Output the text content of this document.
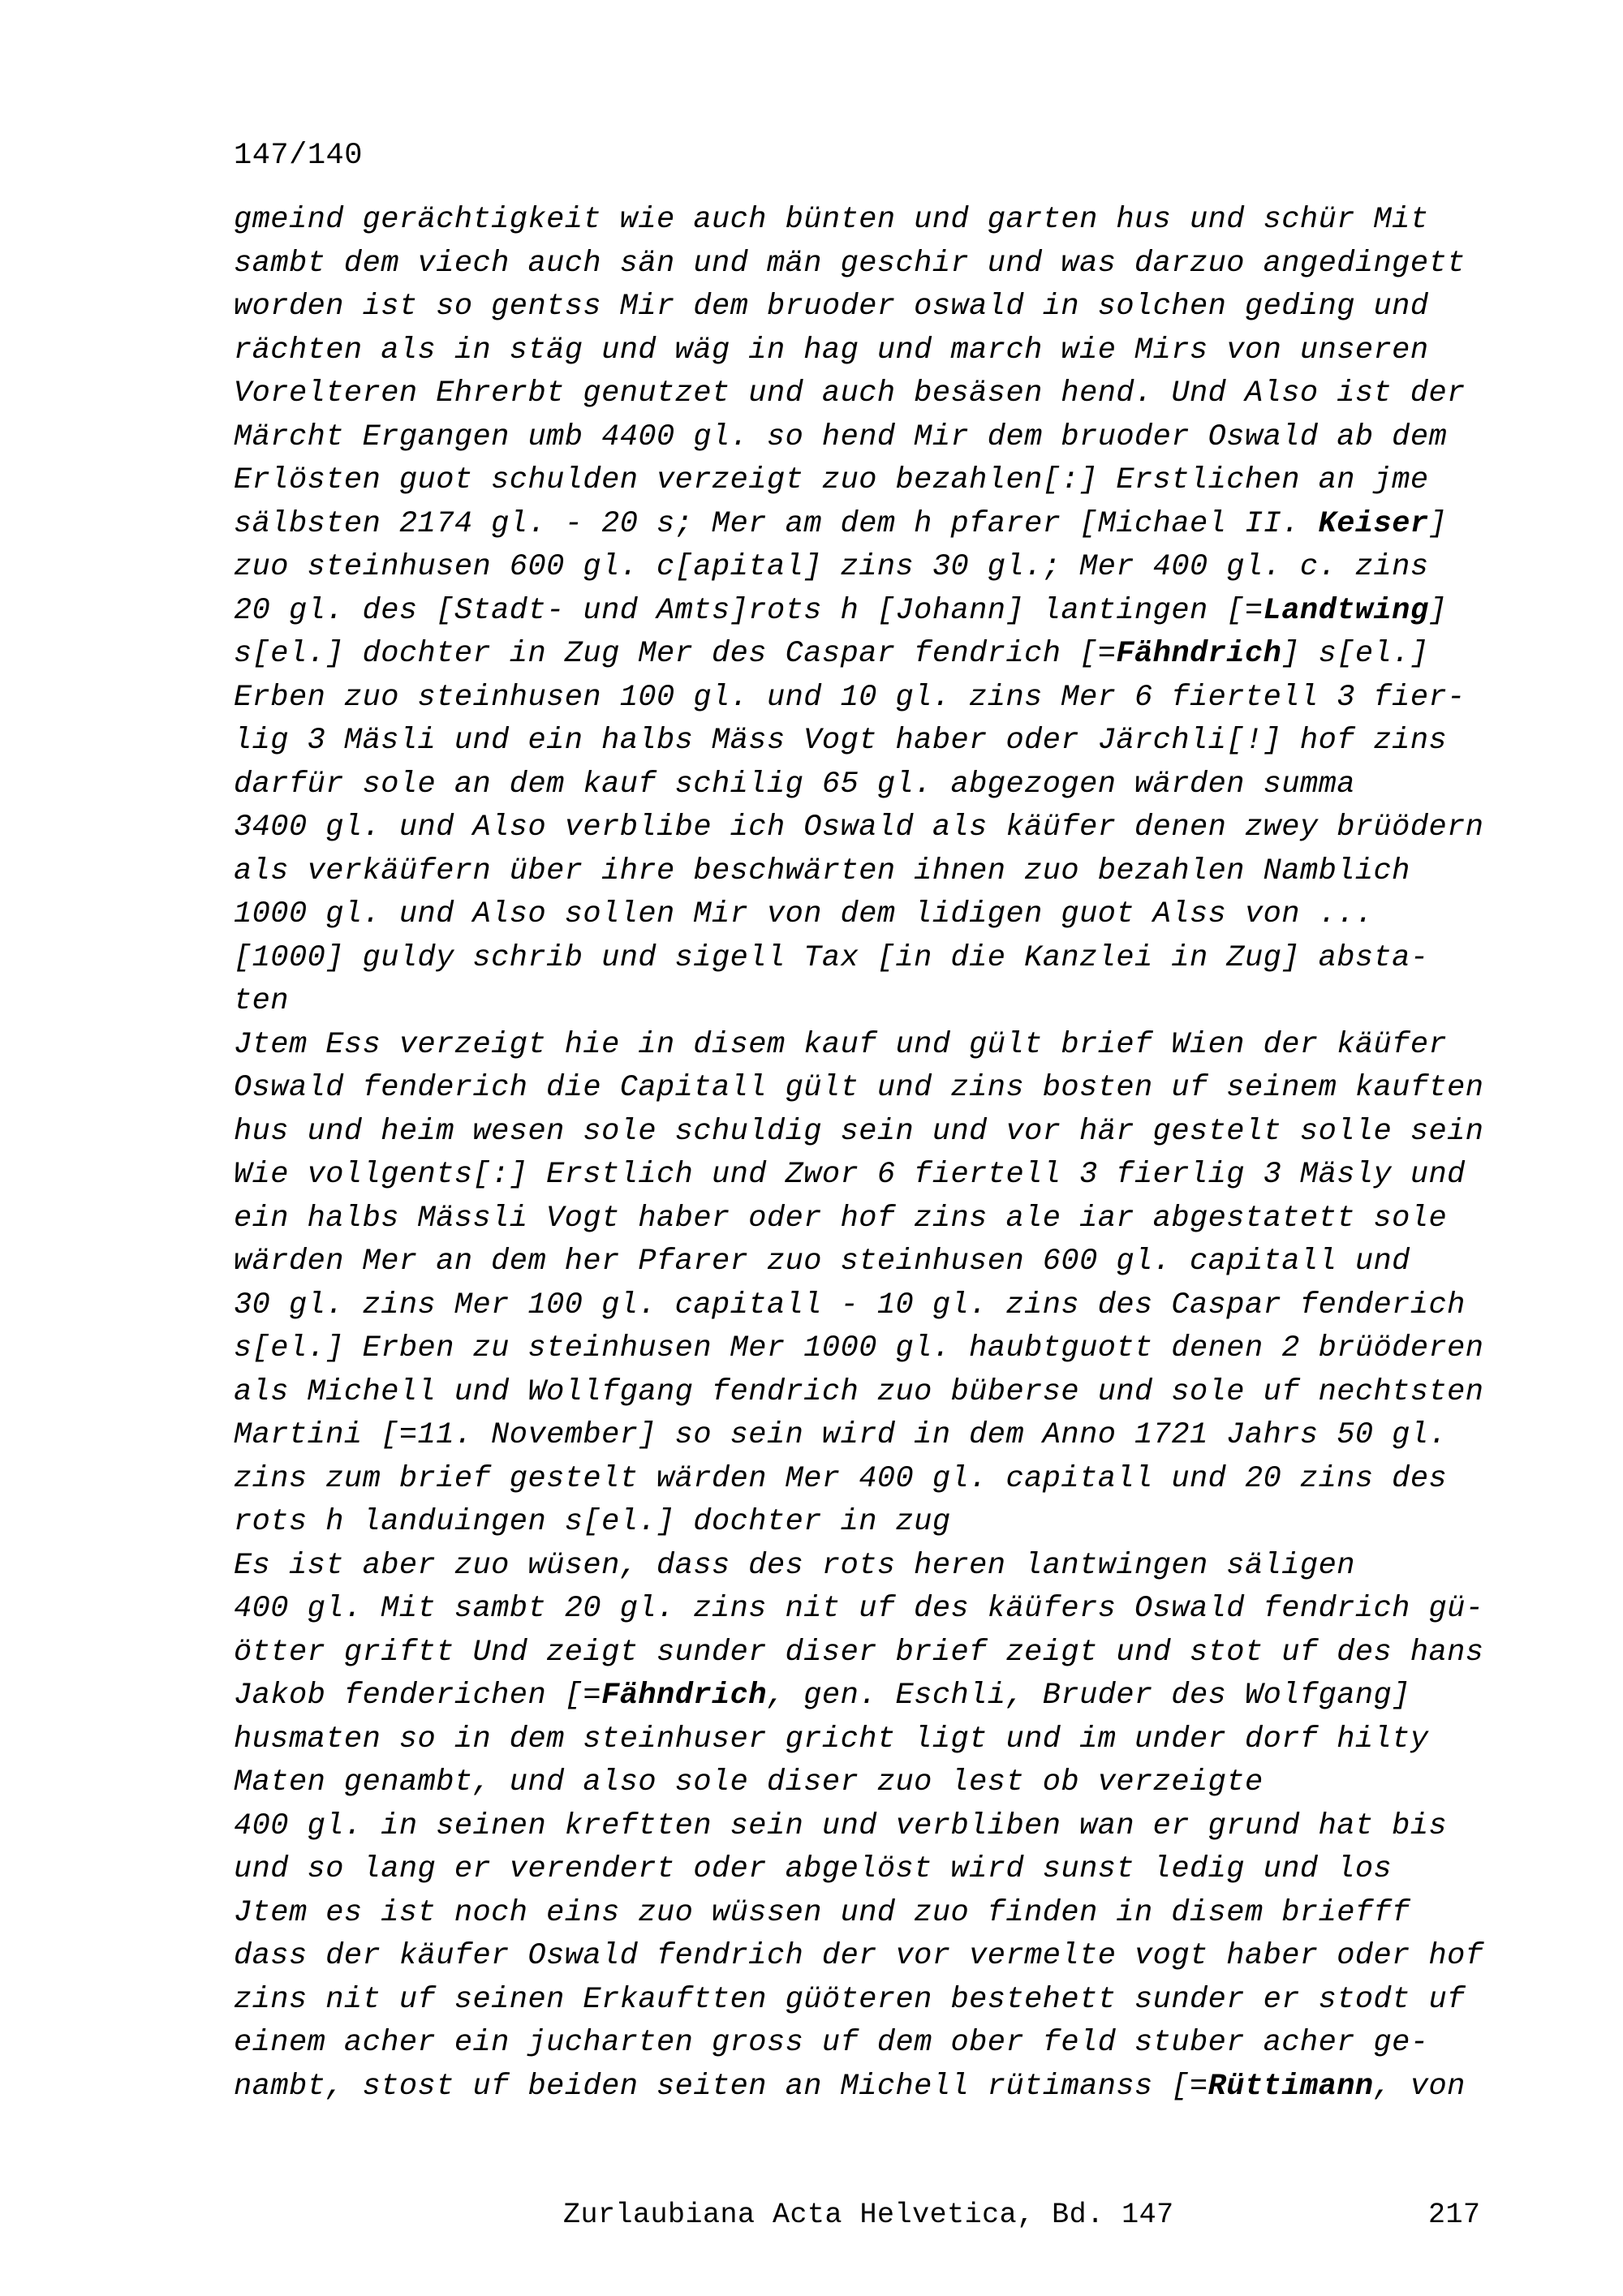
147/140
gmeind gerächtigkeit wie auch bünten und garten hus und schür Mit
sambt dem viech auch sän und män geschir und was darzuo angedingett
worden ist so gentss Mir dem bruoder oswald in solchen geding und
rächten als in stäg und wäg in hag und march wie Mirs von unseren
Vorelteren Ehrerbt genutzet und auch besäsen hend. Und Also ist der
Märcht Ergangen umb 4400 gl. so hend Mir dem bruoder Oswald ab dem
Erlösten guot schulden verzeigt zuo bezahlen[:] Erstlichen an jme
sälbsten 2174 gl. - 20 s; Mer am dem h pfarer [Michael II. Keiser]
zuo steinhusen 600 gl. c[apital] zins 30 gl.; Mer 400 gl. c. zins
20 gl. des [Stadt- und Amts]rots h [Johann] lantingen [=Landtwing]
s[el.] dochter in Zug Mer des Caspar fendrich [=Fähndrich] s[el.]
Erben zuo steinhusen 100 gl. und 10 gl. zins Mer 6 fiertell 3 fier-
lig 3 Mäsli und ein halbs Mäss Vogt haber oder Järchli[!] hof zins
darfür sole an dem kauf schilig 65 gl. abgezogen wärden summa
3400 gl. und Also verblibe ich Oswald als käüfer denen zwey brüödern
als verkäüfern über ihre beschwärten ihnen zuo bezahlen Namblich
1000 gl. und Also sollen Mir von dem lidigen guot Alss von ...
[1000] guldy schrib und sigell Tax [in die Kanzlei in Zug] absta-
ten
Jtem Ess verzeigt hie in disem kauf und gült brief Wien der käüfer
Oswald fenderich die Capitall gült und zins bosten uf seinem kauften
hus und heim wesen sole schuldig sein und vor här gestelt solle sein
Wie vollgents[:] Erstlich und Zwor 6 fiertell 3 fierlig 3 Mäsly und
ein halbs Mässli Vogt haber oder hof zins ale iar abgestatett sole
wärden Mer an dem her Pfarer zuo steinhusen 600 gl. capitall und
30 gl. zins Mer 100 gl. capitall - 10 gl. zins des Caspar fenderich
s[el.] Erben zu steinhusen Mer 1000 gl. haubtguott denen 2 brüöderen
als Michell und Wollfgang fendrich zuo büberse und sole uf nechtsten
Martini [=11. November] so sein wird in dem Anno 1721 Jahrs 50 gl.
zins zum brief gestelt wärden Mer 400 gl. capitall und 20 zins des
rots h landuingen s[el.] dochter in zug
Es ist aber zuo wüsen, dass des rots heren lantwingen säligen
400 gl. Mit sambt 20 gl. zins nit uf des käüfers Oswald fendrich gü-
ötter griftt Und zeigt sunder diser brief zeigt und stot uf des hans
Jakob fenderichen [=Fähndrich, gen. Eschli, Bruder des Wolfgang]
husmaten so in dem steinhuser gricht ligt und im under dorf hilty
Maten genambt, und also sole diser zuo lest ob verzeigte
400 gl. in seinen kreftten sein und verbliben wan er grund hat bis
und so lang er verendert oder abgelöst wird sunst ledig und los
Jtem es ist noch eins zuo wüssen und zuo finden in disem briefff
dass der käufer Oswald fendrich der vor vermelte vogt haber oder hof
zins nit uf seinen Erkauftten güöteren bestehett sunder er stodt uf
einem acher ein jucharten gross uf dem ober feld stuber acher ge-
nambt, stost uf beiden seiten an Michell rütimanss [=Rüttimann, von
Zurlaubiana Acta Helvetica, Bd. 147	217
